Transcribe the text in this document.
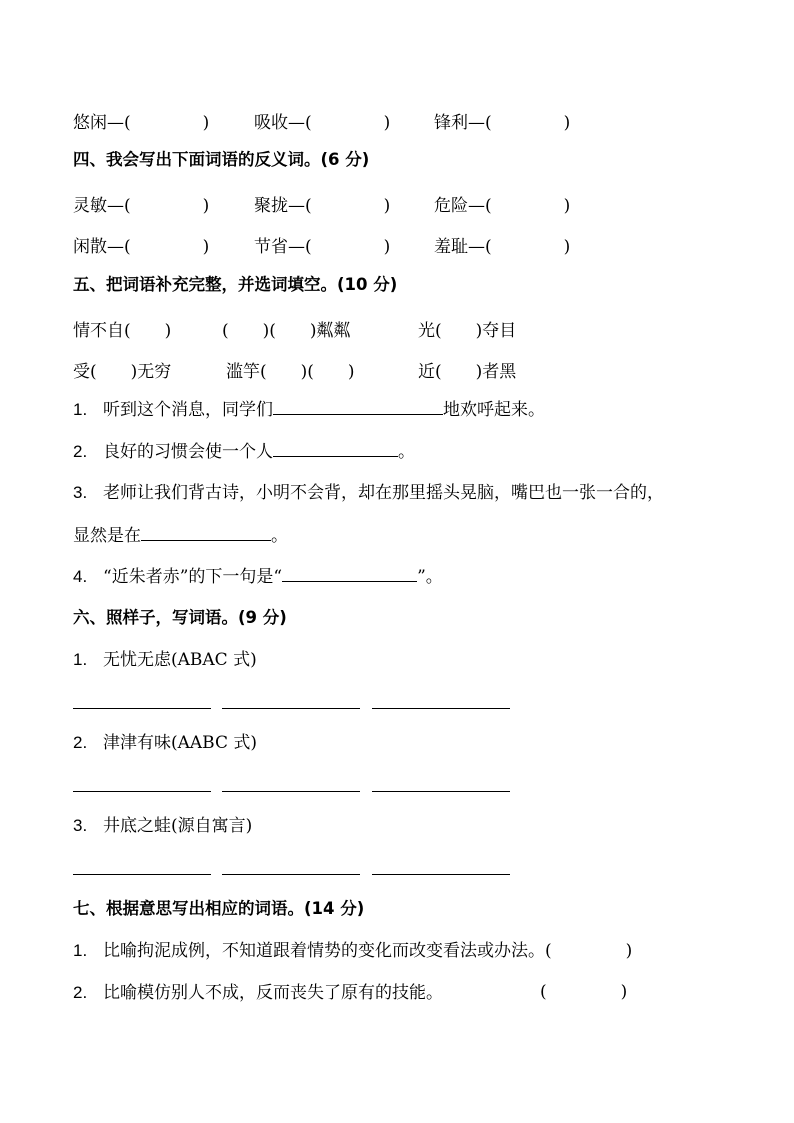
悠闲—(	)	吸收—(	)	锋利—(	)
四、我会写出下面词语的反义词。(6 分)
灵敏—(	)	聚拢—(	)	危险—(	)
闲散—(	)	节省—(	)	羞耻—(	)
五、把词语补充完整，并选词填空。(10 分)
情不自(　　)	(　　)(　　)粼粼	光(　　)夺目
受(　　)无穷	滥竽(　　)(　　)	近(　　)者黑
1. 听到这个消息，同学们	地欢呼起来。
2. 良好的习惯会使一个人	。
3. 老师让我们背古诗，小明不会背，却在那里摇头晃脑，嘴巴也一张一合的，
显然是在	。
4. “近朱者赤”的下一句是“	”。
六、照样子，写词语。(9 分)
1. 无忧无虑(ABAC 式)
2. 津津有味(AABC 式)
3. 井底之蛙(源自寓言)
七、根据意思写出相应的词语。(14 分)
1. 比喻拘泥成例，不知道跟着情势的变化而改变看法或办法。(	)
2. 比喻模仿别人不成，反而丧失了原有的技能。	(	)
